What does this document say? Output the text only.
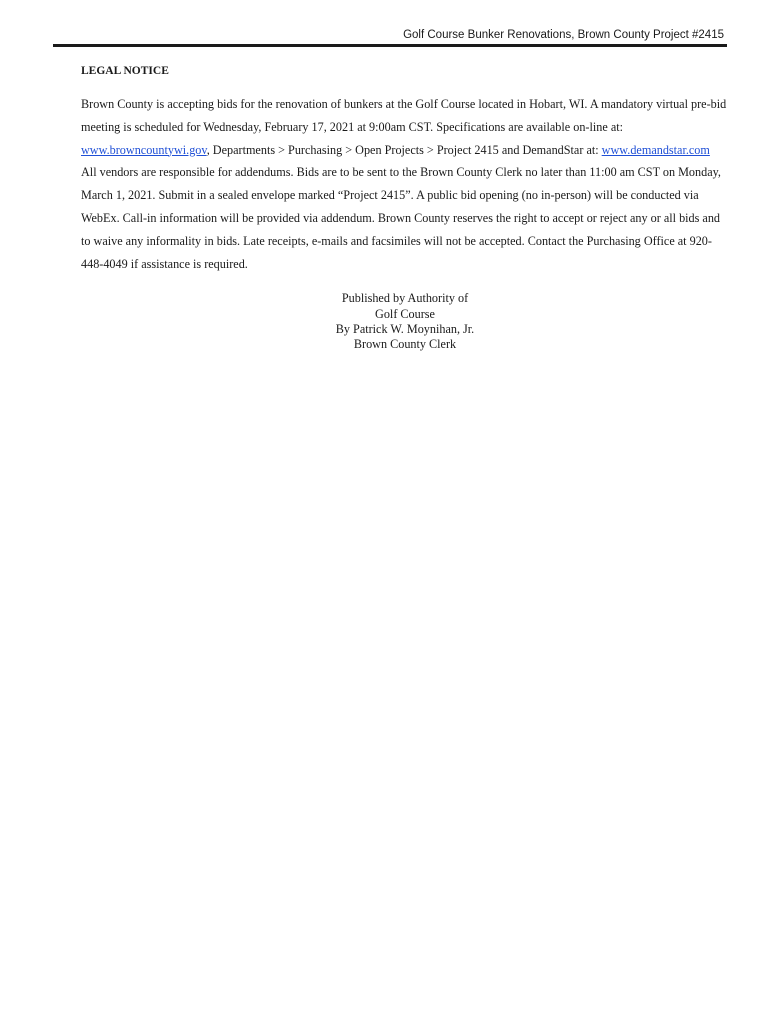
Golf Course Bunker Renovations, Brown County Project #2415
LEGAL NOTICE

Brown County is accepting bids for the renovation of bunkers at the Golf Course located in Hobart, WI. A mandatory virtual pre-bid meeting is scheduled for Wednesday, February 17, 2021 at 9:00am CST. Specifications are available on-line at: www.browncountywi.gov, Departments > Purchasing > Open Projects > Project 2415 and DemandStar at: www.demandstar.com

All vendors are responsible for addendums. Bids are to be sent to the Brown County Clerk no later than 11:00 am CST on Monday, March 1, 2021. Submit in a sealed envelope marked “Project 2415”. A public bid opening (no in-person) will be conducted via WebEx. Call-in information will be provided via addendum. Brown County reserves the right to accept or reject any or all bids and to waive any informality in bids. Late receipts, e-mails and facsimiles will not be accepted. Contact the Purchasing Office at 920-448-4049 if assistance is required.

Published by Authority of
Golf Course
By Patrick W. Moynihan, Jr.
Brown County Clerk
